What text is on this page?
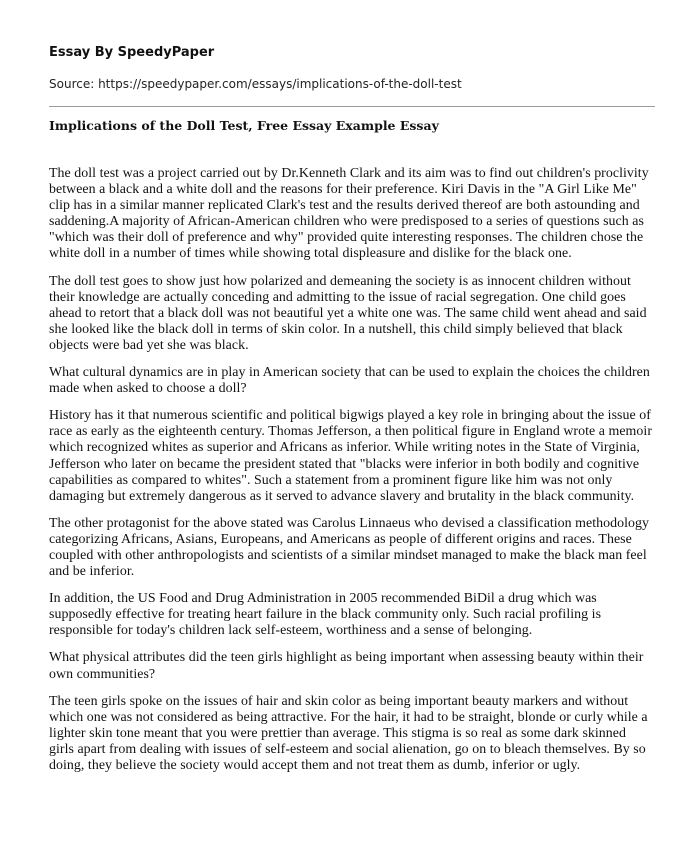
Essay By SpeedyPaper
Source: https://speedypaper.com/essays/implications-of-the-doll-test
Implications of the Doll Test, Free Essay Example Essay

The doll test was a project carried out by Dr.Kenneth Clark and its aim was to find out children's proclivity between a black and a white doll and the reasons for their preference. Kiri Davis in the "A Girl Like Me" clip has in a similar manner replicated Clark's test and the results derived thereof are both astounding and saddening.A majority of African-American children who were predisposed to a series of questions such as "which was their doll of preference and why" provided quite interesting responses. The children chose the white doll in a number of times while showing total displeasure and dislike for the black one.

The doll test goes to show just how polarized and demeaning the society is as innocent children without their knowledge are actually conceding and admitting to the issue of racial segregation. One child goes ahead to retort that a black doll was not beautiful yet a white one was. The same child went ahead and said she looked like the black doll in terms of skin color. In a nutshell, this child simply believed that black objects were bad yet she was black.

What cultural dynamics are in play in American society that can be used to explain the choices the children made when asked to choose a doll?

History has it that numerous scientific and political bigwigs played a key role in bringing about the issue of race as early as the eighteenth century. Thomas Jefferson, a then political figure in England wrote a memoir which recognized whites as superior and Africans as inferior. While writing notes in the State of Virginia, Jefferson who later on became the president stated that "blacks were inferior in both bodily and cognitive capabilities as compared to whites". Such a statement from a prominent figure like him was not only damaging but extremely dangerous as it served to advance slavery and brutality in the black community.

The other protagonist for the above stated was Carolus Linnaeus who devised a classification methodology categorizing Africans, Asians, Europeans, and Americans as people of different origins and races. These coupled with other anthropologists and scientists of a similar mindset managed to make the black man feel and be inferior.

In addition, the US Food and Drug Administration in 2005 recommended BiDil a drug which was supposedly effective for treating heart failure in the black community only. Such racial profiling is responsible for today's children lack self-esteem, worthiness and a sense of belonging.

What physical attributes did the teen girls highlight as being important when assessing beauty within their own communities?

The teen girls spoke on the issues of hair and skin color as being important beauty markers and without which one was not considered as being attractive. For the hair, it had to be straight, blonde or curly while a lighter skin tone meant that you were prettier than average. This stigma is so real as some dark skinned girls apart from dealing with issues of self-esteem and social alienation, go on to bleach themselves. By so doing, they believe the society would accept them and not treat them as dumb, inferior or ugly.
